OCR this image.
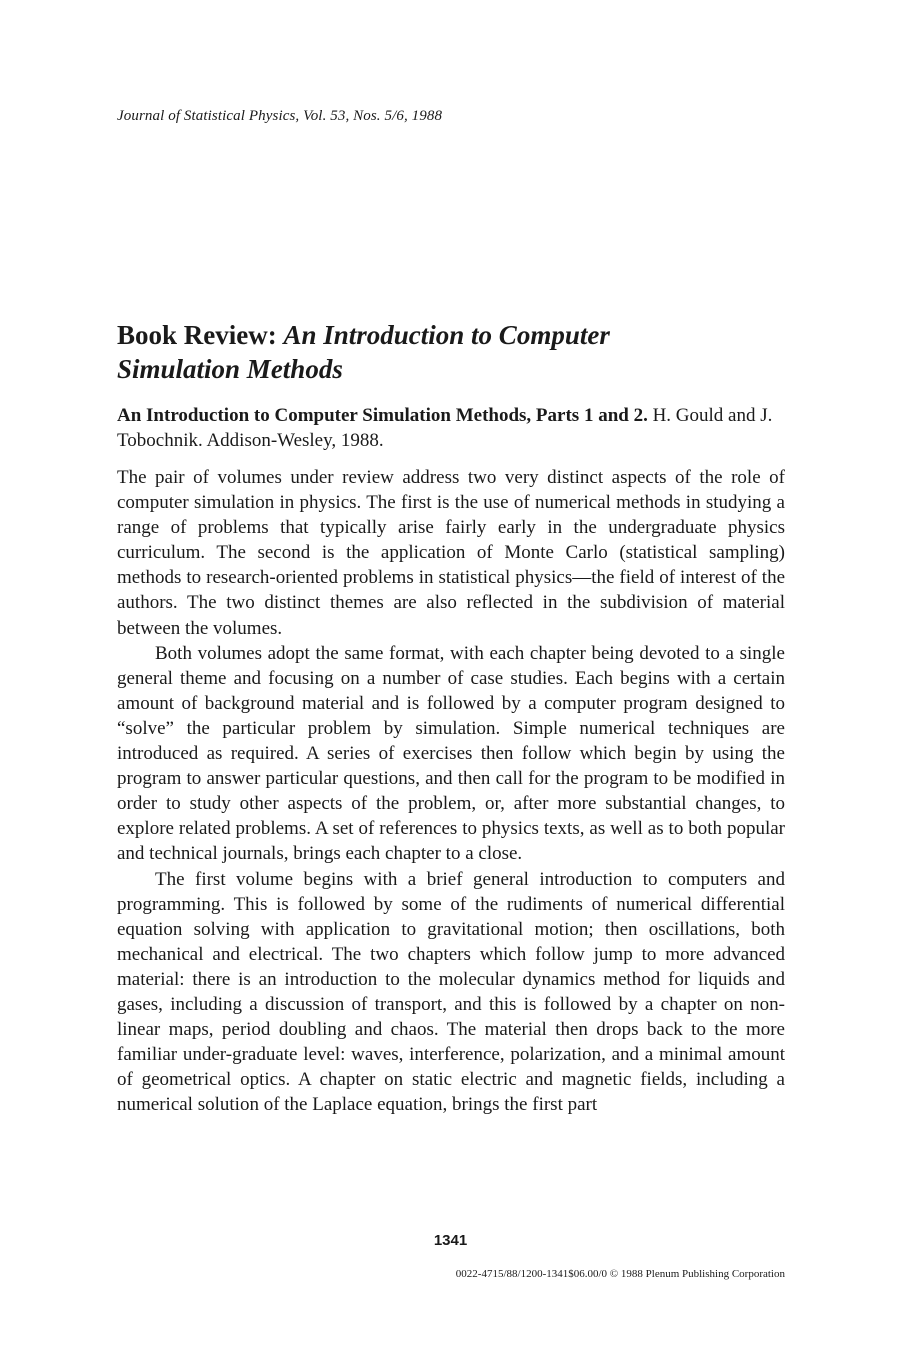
Journal of Statistical Physics, Vol. 53, Nos. 5/6, 1988
Book Review: An Introduction to Computer
Simulation Methods

An Introduction to Computer Simulation Methods, Parts 1 and 2. H. Gould and J. Tobochnik. Addison-Wesley, 1988.

The pair of volumes under review address two very distinct aspects of the role of computer simulation in physics. The first is the use of numerical methods in studying a range of problems that typically arise fairly early in the undergraduate physics curriculum. The second is the application of Monte Carlo (statistical sampling) methods to research-oriented problems in statistical physics—the field of interest of the authors. The two distinct themes are also reflected in the subdivision of material between the volumes.

Both volumes adopt the same format, with each chapter being devoted to a single general theme and focusing on a number of case studies. Each begins with a certain amount of background material and is followed by a computer program designed to “solve” the particular problem by simulation. Simple numerical techniques are introduced as required. A series of exercises then follow which begin by using the program to answer particular questions, and then call for the program to be modified in order to study other aspects of the problem, or, after more substantial changes, to explore related problems. A set of references to physics texts, as well as to both popular and technical journals, brings each chapter to a close.

The first volume begins with a brief general introduction to computers and programming. This is followed by some of the rudiments of numerical differential equation solving with application to gravitational motion; then oscillations, both mechanical and electrical. The two chapters which follow jump to more advanced material: there is an introduction to the molecular dynamics method for liquids and gases, including a discussion of transport, and this is followed by a chapter on non-linear maps, period doubling and chaos. The material then drops back to the more familiar under-graduate level: waves, interference, polarization, and a minimal amount of geometrical optics. A chapter on static electric and magnetic fields, including a numerical solution of the Laplace equation, brings the first part

1341
0022-4715/88/1200-1341$06.00/0 © 1988 Plenum Publishing Corporation
